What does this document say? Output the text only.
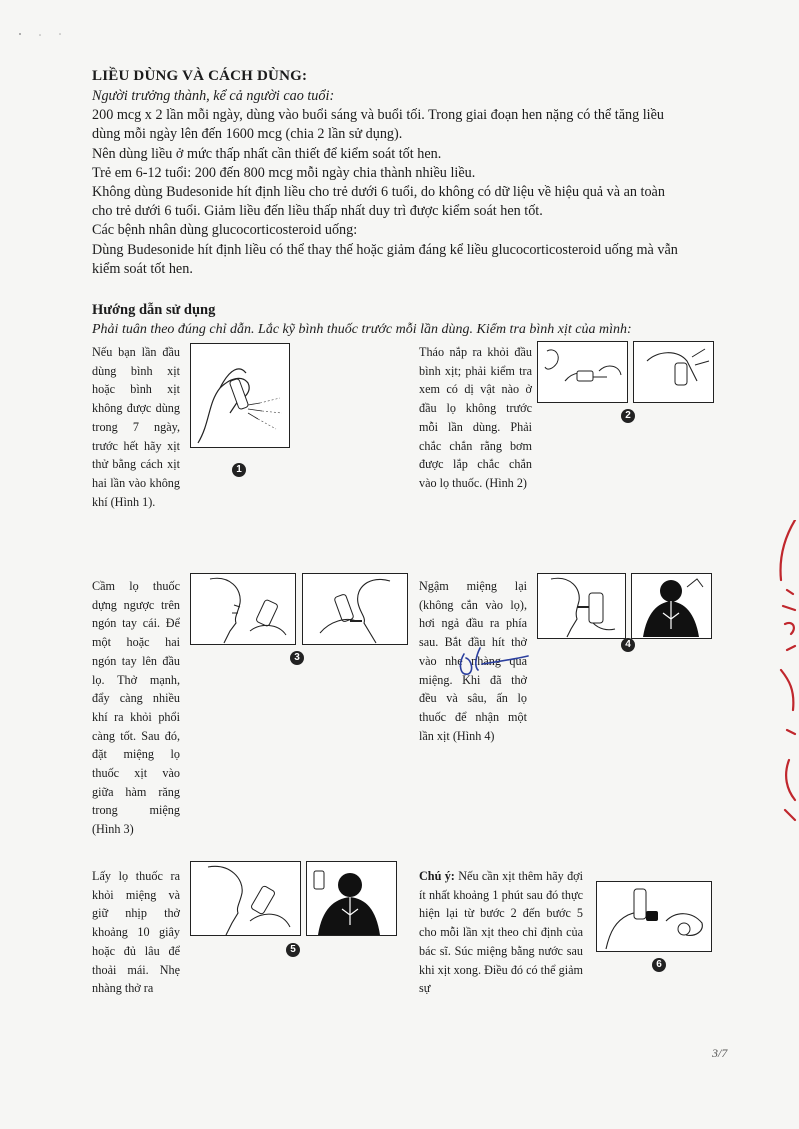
LIỀU DÙNG VÀ CÁCH DÙNG:
Người trưởng thành, kể cả người cao tuổi:
200 mcg x 2 lần mỗi ngày, dùng vào buổi sáng và buổi tối. Trong giai đoạn hen nặng có thể tăng liều
dùng mỗi ngày lên đến 1600 mcg (chia 2 lần sử dụng).
Nên dùng liều ở mức thấp nhất cần thiết để kiểm soát tốt hen.
Trẻ em 6-12 tuổi: 200 đến 800 mcg mỗi ngày chia thành nhiều liều.
Không dùng Budesonide hít định liều cho trẻ dưới 6 tuổi, do không có dữ liệu về hiệu quả và an toàn
cho trẻ dưới 6 tuổi. Giảm liều đến liều thấp nhất duy trì được kiểm soát hen tốt.
Các bệnh nhân dùng glucocorticosteroid uống:
Dùng Budesonide hít định liều có thể thay thế hoặc giảm đáng kể liều glucocorticosteroid uống mà vẫn
kiểm soát tốt hen.
Hướng dẫn sử dụng
Phải tuân theo đúng chỉ dẫn. Lắc kỹ bình thuốc trước mỗi lần dùng. Kiểm tra bình xịt của mình:
Nếu bạn lần đầu dùng bình xịt hoặc bình xịt không được dùng trong 7 ngày, trước hết hãy xịt thử bằng cách xịt hai lần vào không khí (Hình 1).
1
Tháo nắp ra khỏi đầu bình xịt; phải kiểm tra xem có dị vật nào ở đầu lọ không trước mỗi lần dùng. Phải chắc chắn rằng bơm được lắp chắc chắn vào lọ thuốc. (Hình 2)
2
Cầm lọ thuốc dựng ngược trên ngón tay cái. Để một hoặc hai ngón tay lên đầu lọ. Thở mạnh, đẩy càng nhiều khí ra khỏi phổi càng tốt. Sau đó, đặt miệng lọ thuốc xịt vào giữa hàm răng trong miệng (Hình 3)
3
Ngậm miệng lại (không cắn vào lọ), hơi ngả đầu ra phía sau. Bắt đầu hít thở vào nhẹ nhàng qua miệng. Khi đã thở đều và sâu, ấn lọ thuốc để nhận một lần xịt (Hình 4)
4
Lấy lọ thuốc ra khỏi miệng và giữ nhịp thở khoảng 10 giây hoặc đủ lâu để thoải mái. Nhẹ nhàng thở ra
5
Chú ý: Nếu cần xịt thêm hãy đợi ít nhất khoảng 1 phút sau đó thực hiện lại từ bước 2 đến bước 5 cho mỗi lần xịt theo chỉ định của bác sĩ. Súc miệng bằng nước sau khi xịt xong. Điều đó có thể giảm sự
6
3/7
